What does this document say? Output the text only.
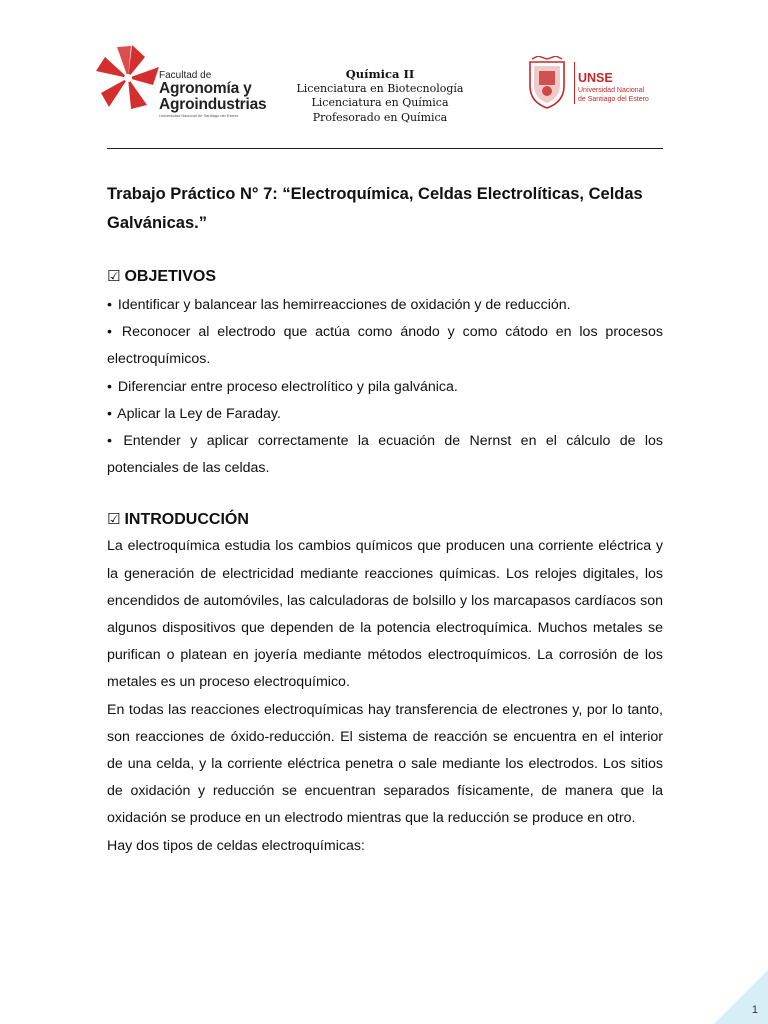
Facultad de
Agronomía y
Agroindustrias
Universidad Nacional de Santiago del Estero
Química II
Licenciatura en Biotecnología
Licenciatura en Química
Profesorado en Química
UNSE
Universidad Nacional
de Santiago del Estero
Trabajo Práctico N° 7: “Electroquímica, Celdas Electrolíticas, Celdas
Galvánicas.”
☑ OBJETIVOS
• Identificar y balancear las hemirreacciones de oxidación y de reducción.
• Reconocer al electrodo que actúa como ánodo y como cátodo en los procesos electroquímicos.
• Diferenciar entre proceso electrolítico y pila galvánica.
• Aplicar la Ley de Faraday.
• Entender y aplicar correctamente la ecuación de Nernst en el cálculo de los potenciales de las celdas.
☑ INTRODUCCIÓN

La electroquímica estudia los cambios químicos que producen una corriente eléctrica y la generación de electricidad mediante reacciones químicas. Los relojes digitales, los encendidos de automóviles, las calculadoras de bolsillo y los marcapasos cardíacos son algunos dispositivos que dependen de la potencia electroquímica. Muchos metales se purifican o platean en joyería mediante métodos electroquímicos. La corrosión de los metales es un proceso electroquímico.

En todas las reacciones electroquímicas hay transferencia de electrones y, por lo tanto, son reacciones de óxido-reducción. El sistema de reacción se encuentra en el interior de una celda, y la corriente eléctrica penetra o sale mediante los electrodos. Los sitios de oxidación y reducción se encuentran separados físicamente, de manera que la oxidación se produce en un electrodo mientras que la reducción se produce en otro.

Hay dos tipos de celdas electroquímicas:

1
